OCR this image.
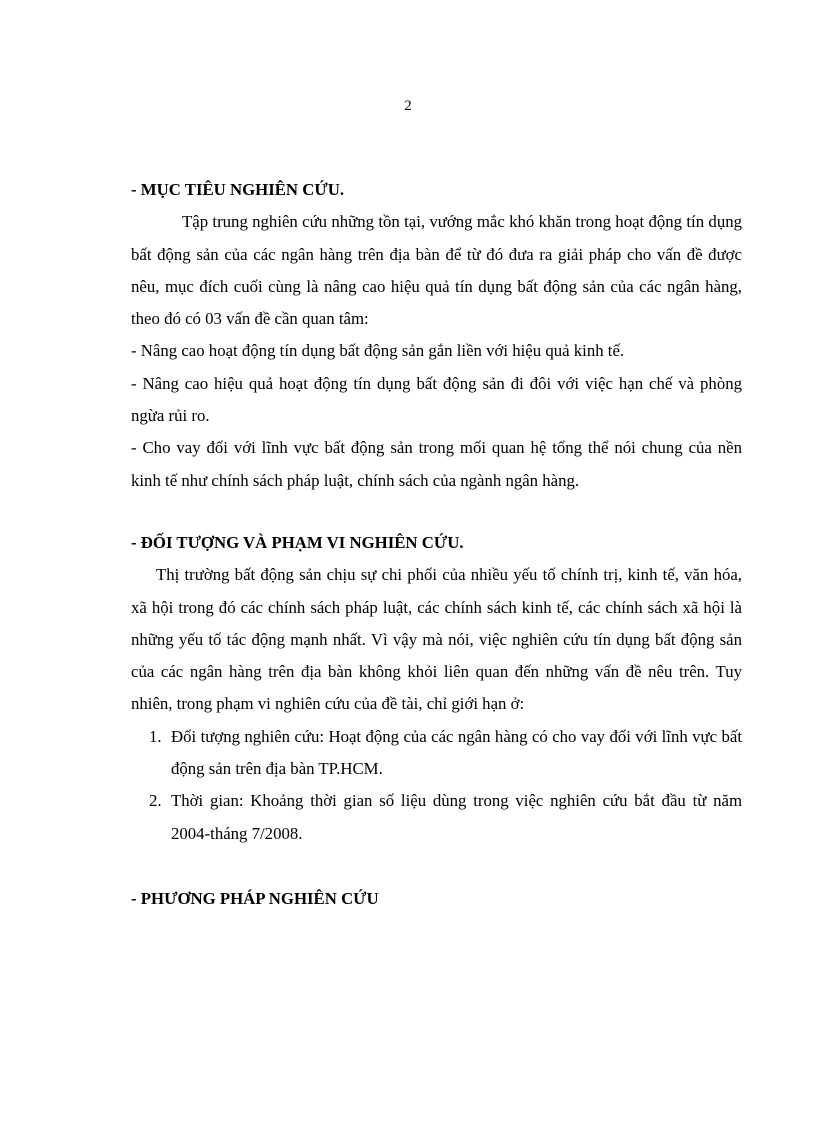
2

- MỤC TIÊU NGHIÊN CỨU.

Tập trung nghiên cứu những tồn tại, vướng mắc khó khăn trong hoạt động tín dụng bất động sản của các ngân hàng trên địa bàn để từ đó đưa ra giải pháp cho vấn đề được nêu, mục đích cuối cùng là nâng cao hiệu quả tín dụng bất động sản của các ngân hàng, theo đó có 03 vấn đề cần quan tâm:

- Nâng cao hoạt động tín dụng bất động sản gắn liền với hiệu quả kinh tế.

- Nâng cao hiệu quả hoạt động tín dụng bất động sản đi đôi với việc hạn chế và phòng ngừa rủi ro.

- Cho vay đối với lĩnh vực bất động sản trong mối quan hệ tổng thể nói chung của nền kinh tế như chính sách pháp luật, chính sách của ngành ngân hàng.

- ĐỐI TƯỢNG VÀ PHẠM VI NGHIÊN CỨU.

Thị trường bất động sản chịu sự chi phối của nhiều yếu tố chính trị, kinh tế, văn hóa, xã hội trong đó các chính sách pháp luật, các chính sách kinh tế, các chính sách xã hội là những yếu tố tác động mạnh nhất. Vì vậy mà nói, việc nghiên cứu tín dụng bất động sản của các ngân hàng trên địa bàn không khỏi liên quan đến những vấn đề nêu trên. Tuy nhiên, trong phạm vi nghiên cứu của đề tài, chỉ giới hạn ở:

1. Đối tượng nghiên cứu: Hoạt động của các ngân hàng có cho vay đối với lĩnh vực bất động sản trên địa bàn TP.HCM.
2. Thời gian: Khoảng thời gian số liệu dùng trong việc nghiên cứu bắt đầu từ năm 2004-tháng 7/2008.

- PHƯƠNG PHÁP NGHIÊN CỨU
